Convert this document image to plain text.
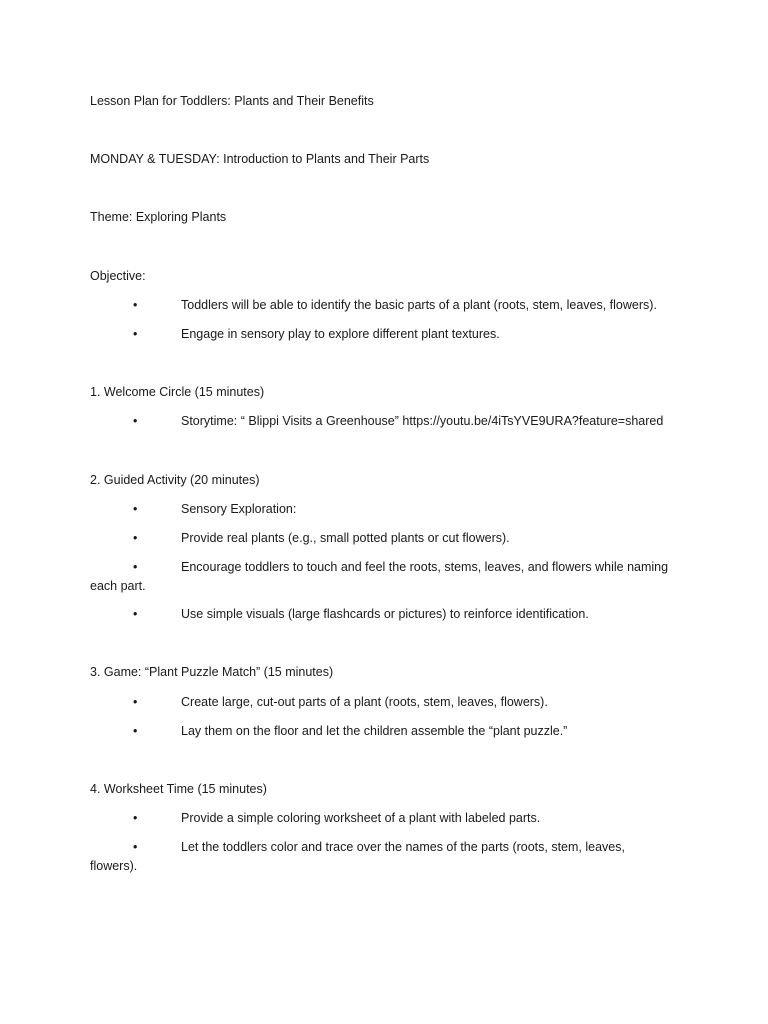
Lesson Plan for Toddlers: Plants and Their Benefits
MONDAY & TUESDAY: Introduction to Plants and Their Parts
Theme: Exploring Plants
Objective:
•	Toddlers will be able to identify the basic parts of a plant (roots, stem, leaves, flowers).
•	Engage in sensory play to explore different plant textures.
1. Welcome Circle (15 minutes)
•	Storytime: “ Blippi Visits a Greenhouse” https://youtu.be/4iTsYVE9URA?feature=shared
2. Guided Activity (20 minutes)
•	Sensory Exploration:
•	Provide real plants (e.g., small potted plants or cut flowers).
•	Encourage toddlers to touch and feel the roots, stems, leaves, and flowers while naming
each part.
•	Use simple visuals (large flashcards or pictures) to reinforce identification.
3. Game: “Plant Puzzle Match” (15 minutes)
•	Create large, cut-out parts of a plant (roots, stem, leaves, flowers).
•	Lay them on the floor and let the children assemble the “plant puzzle.”
4. Worksheet Time (15 minutes)
•	Provide a simple coloring worksheet of a plant with labeled parts.
•	Let the toddlers color and trace over the names of the parts (roots, stem, leaves,
flowers).
